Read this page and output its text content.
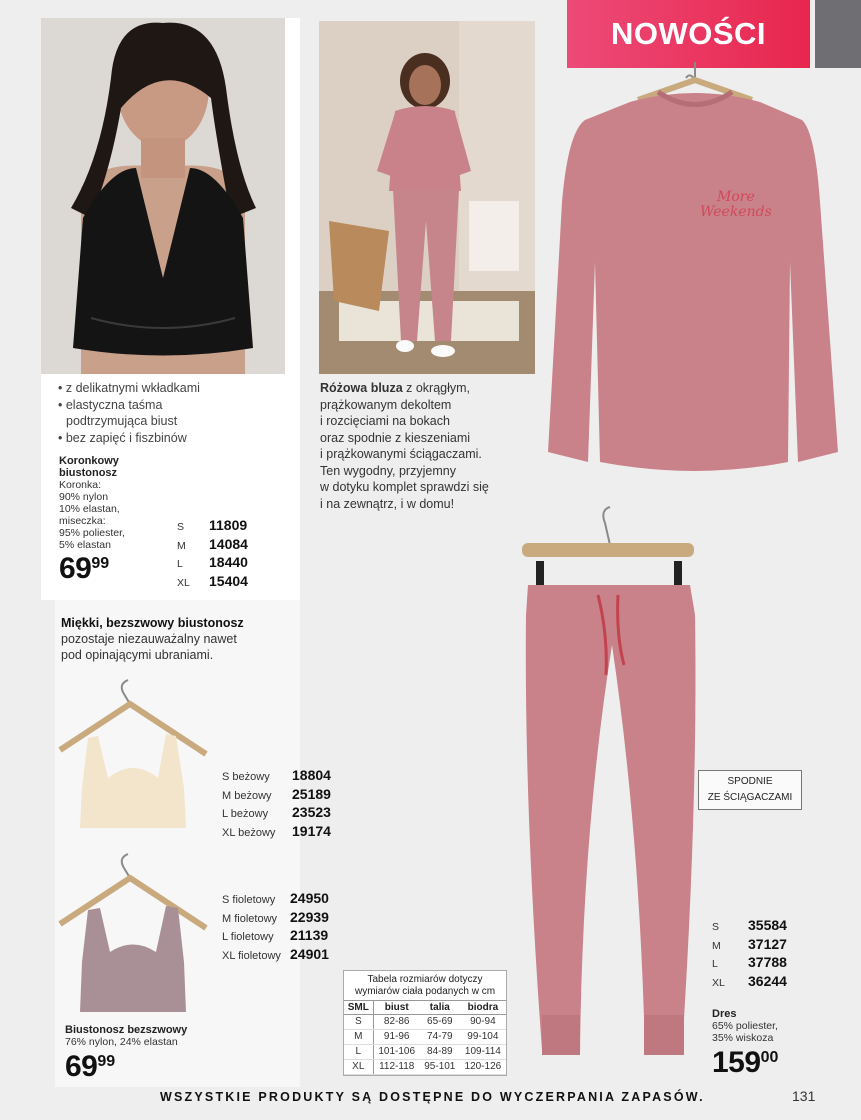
NOWOŚCI
• z delikatnymi wkładkami
• elastyczna taśma
podtrzymująca biust
• bez zapięć i fiszbinów
Koronkowy
biustonosz
Koronka:
90% nylon
10% elastan,
miseczka:
95% poliester,
5% elastan
S	11809
M	14084
L	18440
XL	15404
6999
Różowa bluza z okrągłym,
prążkowanym dekoltem
i rozcięciami na bokach
oraz spodnie z kieszeniami
i prążkowanymi ściągaczami.
Ten wygodny, przyjemny
w dotyku komplet sprawdzi się
i na zewnątrz, i w domu!
More
Weekends
SPODNIE
ZE ŚCIĄGACZAMI
Miękki, bezszwowy biustonosz
pozostaje niezauważalny nawet
pod opinającymi ubraniami.
S beżowy	18804
M beżowy	25189
L beżowy	23523
XL beżowy	19174
S fioletowy	24950
M fioletowy 22939
L fioletowy	21139
XL fioletowy 24901
Biustonosz bezszwowy
76% nylon, 24% elastan
6999
Tabela rozmiarów dotyczy
wymiarów ciała podanych w cm
SML	biust	talia	biodra
S	82-86	65-69	90-94
M	91-96	74-79	99-104
L	101-106	84-89	109-114
XL	112-118	95-101	120-126
S	35584
M	37127
L	37788
XL	36244
Dres
65% poliester,
35% wiskoza
15900
WSZYSTKIE PRODUKTY SĄ DOSTĘPNE DO WYCZERPANIA ZAPASÓW.	131
